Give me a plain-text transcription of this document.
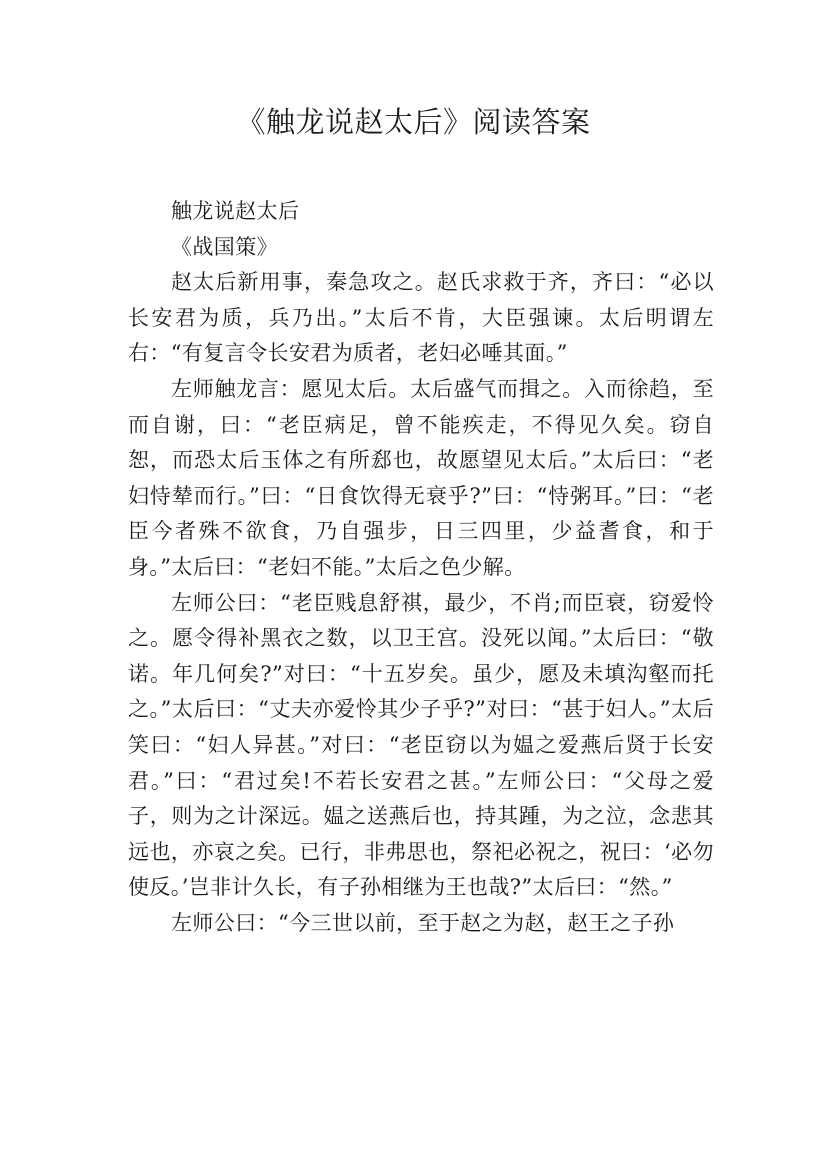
《触龙说赵太后》阅读答案

触龙说赵太后

《战国策》

赵太后新用事，秦急攻之。赵氏求救于齐，齐曰：“必以长安君为质，兵乃出。”太后不肯，大臣强谏。太后明谓左右：“有复言令长安君为质者，老妇必唾其面。”

左师触龙言：愿见太后。太后盛气而揖之。入而徐趋，至而自谢，曰：“老臣病足，曾不能疾走，不得见久矣。窃自恕，而恐太后玉体之有所郄也，故愿望见太后。”太后曰：“老妇恃辇而行。”曰：“日食饮得无衰乎?”曰：“恃粥耳。”曰：“老臣今者殊不欲食，乃自强步，日三四里，少益耆食，和于身。”太后曰：“老妇不能。”太后之色少解。

左师公曰：“老臣贱息舒祺，最少，不肖;而臣衰，窃爱怜之。愿令得补黑衣之数，以卫王宫。没死以闻。”太后曰：“敬诺。年几何矣?”对曰：“十五岁矣。虽少，愿及未填沟壑而托之。”太后曰：“丈夫亦爱怜其少子乎?”对曰：“甚于妇人。”太后笑曰：“妇人异甚。”对曰：“老臣窃以为媪之爱燕后贤于长安君。”曰：“君过矣!不若长安君之甚。”左师公曰：“父母之爱子，则为之计深远。媪之送燕后也，持其踵，为之泣，念悲其远也，亦哀之矣。已行，非弗思也，祭祀必祝之，祝曰：‘必勿使反。’岂非计久长，有子孙相继为王也哉?”太后曰：“然。”

左师公曰：“今三世以前，至于赵之为赵，赵王之子孙
